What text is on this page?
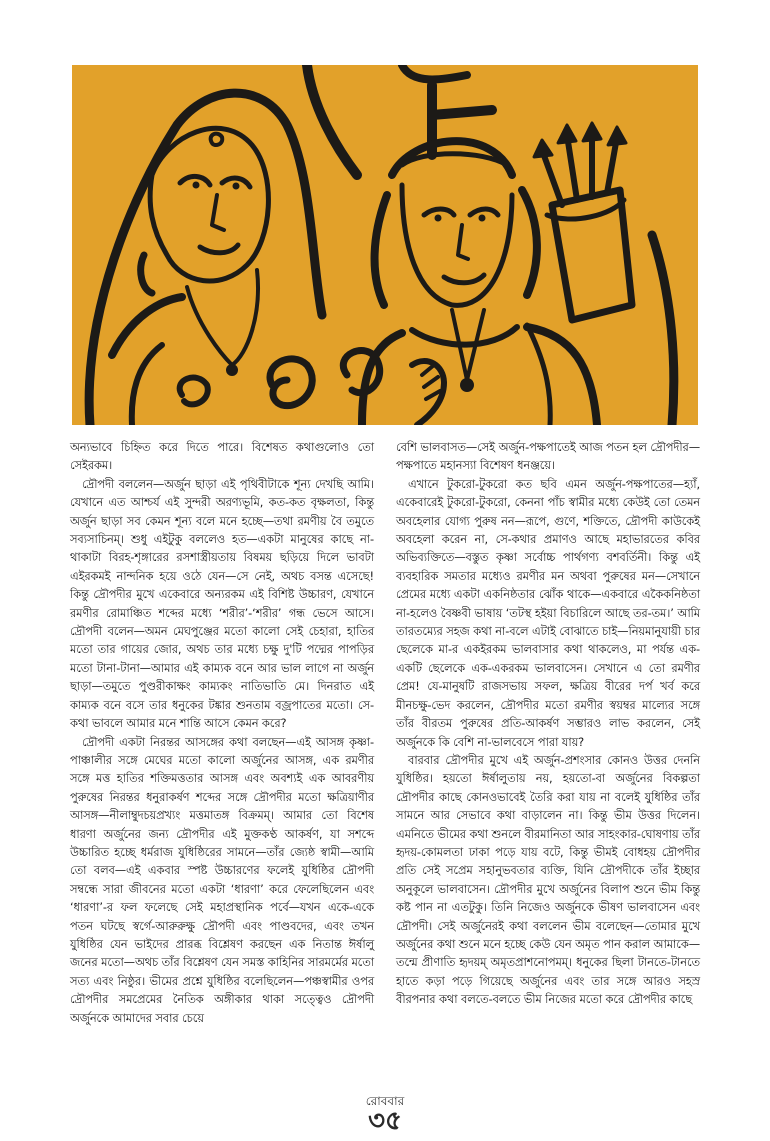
অন্যভাবে চিহ্নিত করে দিতে পারে। বিশেষত কথাগুলোও তো সেইরকম।

দ্রৌপদী বললেন—অর্জুন ছাড়া এই পৃথিবীটাকে শূন্য দেখছি আমি। যেখানে এত আশ্চর্য এই সুন্দরী অরণ্যভূমি, কত-কত বৃক্ষলতা, কিন্তু অর্জুন ছাড়া সব কেমন শূন্য বলে মনে হচ্ছে—তথা রমণীয় বৈ তমুতে সব্যসাচিনম্। শুধু এইটুকু বললেও হত—একটা মানুষের কাছে না-থাকাটা বিরহ-শৃঙ্গারের রসশাস্ত্রীয়তায় বিষময় ছড়িয়ে দিলে ভাবটা এইরকমই নান্দনিক হয়ে ওঠে যেন—সে নেই, অথচ বসন্ত এসেছে! কিন্তু দ্রৌপদীর মুখে একেবারে অন্যরকম এই বিশিষ্ট উচ্চারণ, যেখানে রমণীর রোমাঞ্চিত শব্দের মধ্যে ‘শরীর’-‘শরীর’ গন্ধ ভেসে আসে। দ্রৌপদী বলেন—অমন মেঘপুঞ্জের মতো কালো সেই চেহারা, হাতির মতো তার গায়ের জোর, অথচ তার মধ্যে চক্ষু দু'টি পদ্মের পাপড়ির মতো টানা-টানা—আমার এই কাম্যক বনে আর ভাল লাগে না অর্জুন ছাড়া—তমুতে পুণ্ডরীকাক্ষং কাম্যকং নাতিভাতি মে। দিনরাত এই কাম্যক বনে বসে তার ধনুকের টঙ্কার শুনতাম বজ্রপাতের মতো। সে-কথা ভাবলে আমার মনে শান্তি আসে কেমন করে?

দ্রৌপদী একটা নিরন্তর আসঙ্গের কথা বলছেন—এই আসঙ্গ কৃষ্ণা-পাঞ্চালীর সঙ্গে মেঘের মতো কালো অর্জুনের আসঙ্গ, এক রমণীর সঙ্গে মত্ত হাতির শক্তিমত্ততার আসঙ্গ এবং অবশ্যই এক আবরণীয় পুরুষের নিরন্তর ধনুরাকর্ষণ শব্দের সঙ্গে দ্রৌপদীর মতো ক্ষত্রিয়াণীর আসঙ্গ—নীলাম্বুদচয়প্রখ্যং মত্তমাতঙ্গ বিক্রমম্। আমার তো বিশেষ ধারণা অর্জুনের জন্য দ্রৌপদীর এই মুক্তকণ্ঠ আকর্ষণ, যা সশব্দে উচ্চারিত হচ্ছে ধর্মরাজ যুধিষ্ঠিরের সামনে—তাঁর জ্যেষ্ঠ স্বামী—আমি তো বলব—এই একবার স্পষ্ট উচ্চারণের ফলেই যুধিষ্ঠির দ্রৌপদী সম্বন্ধে সারা জীবনের মতো একটা ‘ধারণা’ করে ফেলেছিলেন এবং ‘ধারণা’-র ফল ফলেছে সেই মহাপ্রস্থানিক পর্বে—যখন একে-একে পতন ঘটছে স্বর্গে-আরুরুক্ষু দ্রৌপদী এবং পাণ্ডবদের, এবং তখন যুধিষ্ঠির যেন ভাইদের প্রারব্ধ বিশ্লেষণ করছেন এক নিতান্ত ঈর্ষালু জনের মতো—অথচ তাঁর বিশ্লেষণ যেন সমস্ত কাহিনির সারমর্মের মতো সত্য এবং নিষ্ঠুর। ভীমের প্রশ্নে যুধিষ্ঠির বলেছিলেন—পঞ্চস্বামীর ওপর দ্রৌপদীর সমপ্রেমের নৈতিক অঙ্গীকার থাকা সত্ত্বেও দ্রৌপদী অর্জুনকে আমাদের সবার চেয়ে

বেশি ভালবাসত—সেই অর্জুন-পক্ষপাতেই আজ পতন হল দ্রৌপদীর—পক্ষপাতে মহানস্যা বিশেষণ ধনঞ্জয়ে।

এখানে টুকরো-টুকরো কত ছবি এমন অর্জুন-পক্ষপাতের—হ্যাঁ, একেবারেই টুকরো-টুকরো, কেননা পাঁচ স্বামীর মধ্যে কেউই তো তেমন অবহেলার যোগ্য পুরুষ নন—রূপে, গুণে, শক্তিতে, দ্রৌপদী কাউকেই অবহেলা করেন না, সে-কথার প্রমাণও আছে মহাভারতের কবির অভিব্যক্তিতে—বস্তুত কৃষ্ণা সর্বোচ্চ পার্থগণ্য বশবর্তিনী। কিন্তু এই ব্যবহারিক সমতার মধ্যেও রমণীর মন অথবা পুরুষের মন—সেখানে প্রেমের মধ্যে একটা একনিষ্ঠতার ঝোঁক থাকে—একবারে একৈকনিষ্ঠতা না-হলেও বৈষ্ণবী ভাষায় ‘তটস্থ হইয়া বিচারিলে আছে তর-তম।’ আমি তারতম্যের সহজ কথা না-বলে এটাই বোঝাতে চাই—নিয়মানুযায়ী চার ছেলেকে মা-র একইরকম ভালবাসার কথা থাকলেও, মা পর্যন্ত এক-একটি ছেলেকে এক-একরকম ভালবাসেন। সেখানে এ তো রমণীর প্রেম! যে-মানুষটি রাজসভায় সফল, ক্ষত্রিয় বীরের দর্প খর্ব করে মীনচক্ষু-ভেদ করলেন, দ্রৌপদীর মতো রমণীর স্বয়ম্বর মাল্যের সঙ্গে তাঁর বীরতম পুরুষের প্রতি-আকর্ষণ সম্ভারও লাভ করলেন, সেই অর্জুনকে কি বেশি না-ভালবেসে পারা যায়?

বারবার দ্রৌপদীর মুখে এই অর্জুন-প্রশংসার কোনও উত্তর দেননি যুধিষ্ঠির। হয়তো ঈর্ষালুতায় নয়, হয়তো-বা অর্জুনের বিকল্পতা দ্রৌপদীর কাছে কোনওভাবেই তৈরি করা যায় না বলেই যুধিষ্ঠির তাঁর সামনে আর সেভাবে কথা বাড়ালেন না। কিন্তু ভীম উত্তর দিলেন। এমনিতে ভীমের কথা শুনলে বীরমানিতা আর সাহংকার-ঘোষণায় তাঁর হৃদয়-কোমলতা ঢাকা পড়ে যায় বটে, কিন্তু ভীমই বোধহয় দ্রৌপদীর প্রতি সেই সপ্রেম সহানুভবতার ব্যক্তি, যিনি দ্রৌপদীকে তাঁর ইচ্ছার অনুকূলে ভালবাসেন। দ্রৌপদীর মুখে অর্জুনের বিলাপ শুনে ভীম কিন্তু কষ্ট পান না এতটুকু। তিনি নিজেও অর্জুনকে ভীষণ ভালবাসেন এবং দ্রৌপদী। সেই অর্জুনেরই কথা বললেন ভীম বলেছেন—তোমার মুখে অর্জুনের কথা শুনে মনে হচ্ছে কেউ যেন অমৃত পান করাল আমাকে—তন্মে প্রীণাতি হৃদয়ম্ অমৃতপ্রাশনোপমম্। ধনুকের ছিলা টানতে-টানতে হাতে কড়া পড়ে গিয়েছে অর্জুনের এবং তার সঙ্গে আরও সহস্র বীরপনার কথা বলতে-বলতে ভীম নিজের মতো করে দ্রৌপদীর কাছে

রোববার
৩৫
